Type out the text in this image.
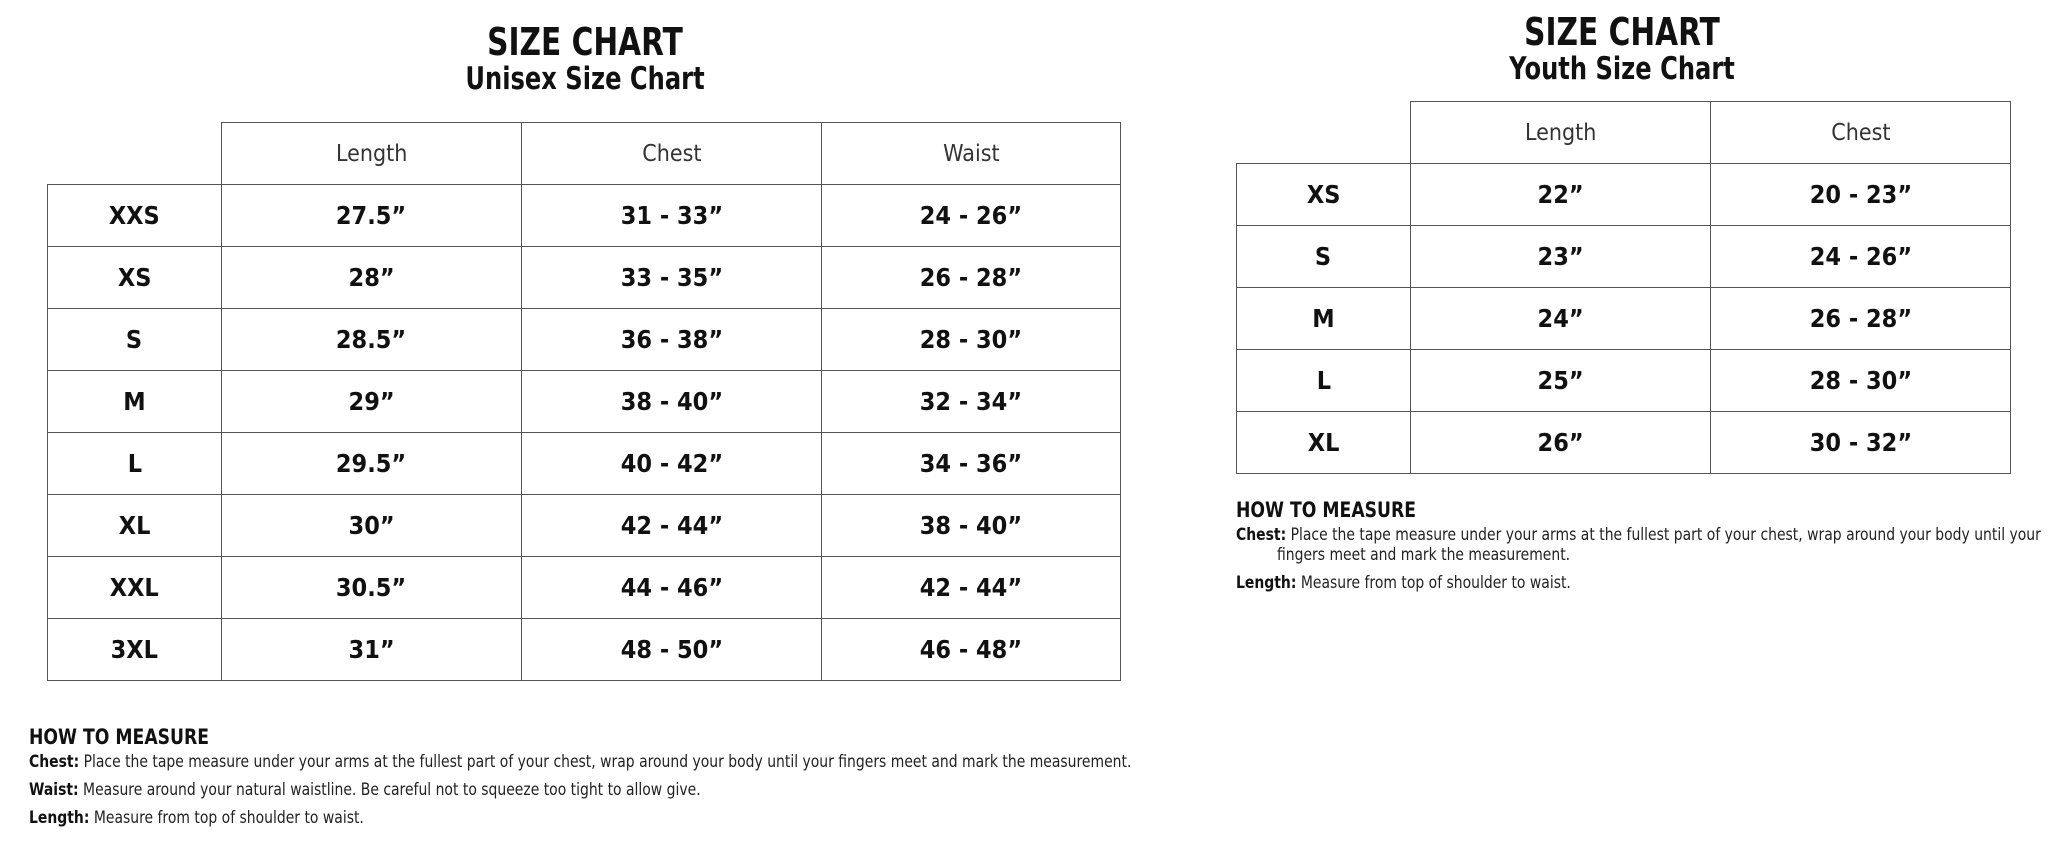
SIZE CHART
Unisex Size Chart
	Length	Chest	Waist
XXS	27.5”	31 - 33”	24 - 26”
XS	28”	33 - 35”	26 - 28”
S	28.5”	36 - 38”	28 - 30”
M	29”	38 - 40”	32 - 34”
L	29.5”	40 - 42”	34 - 36”
XL	30”	42 - 44”	38 - 40”
XXL	30.5”	44 - 46”	42 - 44”
3XL	31”	48 - 50”	46 - 48”
HOW TO MEASURE
Chest: Place the tape measure under your arms at the fullest part of your chest, wrap around your body until your fingers meet and mark the measurement.
Waist: Measure around your natural waistline. Be careful not to squeeze too tight to allow give.
Length: Measure from top of shoulder to waist.
SIZE CHART
Youth Size Chart
	Length	Chest
XS	22”	20 - 23”
S	23”	24 - 26”
M	24”	26 - 28”
L	25”	28 - 30”
XL	26”	30 - 32”
HOW TO MEASURE
Chest: Place the tape measure under your arms at the fullest part of your chest, wrap around your body until your fingers meet and mark the measurement.
Length: Measure from top of shoulder to waist.
